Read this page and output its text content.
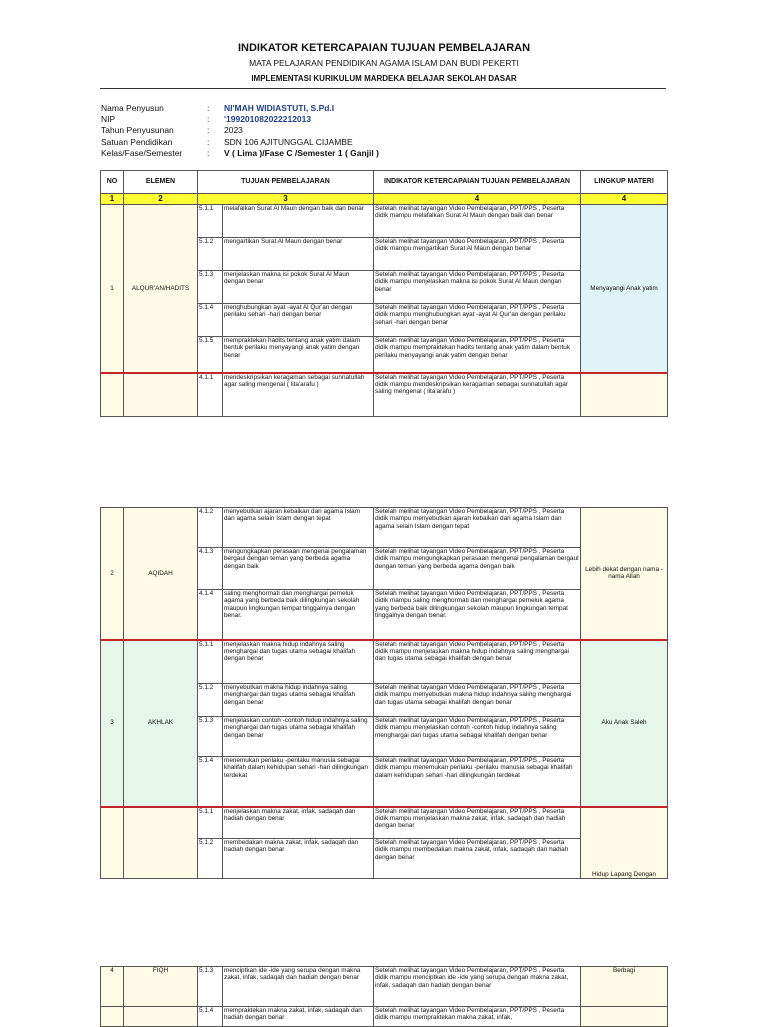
INDIKATOR KETERCAPAIAN TUJUAN PEMBELAJARAN
MATA PELAJARAN PENDIDIKAN AGAMA ISLAM DAN BUDI PEKERTI
IMPLEMENTASI KURIKULUM MARDEKA BELAJAR SEKOLAH DASAR
Nama Penyusun	:	NI'MAH WIDIASTUTI, S.Pd.I
NIP	:	'199201082022212013
Tahun Penyusunan	:	2023
Satuan Pendidikan	:	SDN 106 AJITUNGGAL CIJAMBE
Kelas/Fase/Semester	:	V ( Lima )/Fase C /Semester 1 ( Ganjil )
NO	ELEMEN	TUJUAN PEMBELAJARAN	INDIKATOR KETERCAPAIAN TUJUAN PEMBELAJARAN	LINGKUP MATERI
1	2	3	4	4
1	ALQUR'AN/HADITS	5.1.1	melafalkan Surat Al Maun dengan baik dan benar	Setelah melihat tayangan Video Pembelajaran, PPT/PPS , Peserta didik mampu melafalkan Surat Al Maun dengan baik dan benar	Menyayangi Anak yatim
		5.1.2	mengartikan Surat Al Maun dengan benar	Setelah melihat tayangan Video Pembelajaran, PPT/PPS , Peserta didik mampu mengartikan Surat Al Maun dengan benar	
		5.1.3	menjelaskan makna isi pokok Surat Al Maun dengan benar	Setelah melihat tayangan Video Pembelajaran, PPT/PPS , Peserta didik mampu menjelaskan makna isi pokok Surat Al Maun dengan benar	
		5.1.4	menghubungkan ayat -ayat Al Qur'an dengan perilaku sehari -hari dengan benar	Setelah melihat tayangan Video Pembelajaran, PPT/PPS , Peserta didik mampu menghubungkan ayat -ayat Al Qur'an dengan perilaku sehari -hari dengan benar	
		5.1.5	mempraktekan hadits tentang anak yatim dalam bentuk perilaku menyayangi anak yatim dengan benar	Setelah melihat tayangan Video Pembelajaran, PPT/PPS , Peserta didik mampu mempraktekan hadits tentang anak yatim dalam bentuk perilaku menyayangi anak yatim dengan benar	
		4.1.1	mendeskripsikan keragaman sebagai sunnatullah agar saling mengenal ( lita'arafu )	Setelah melihat tayangan Video Pembelajaran, PPT/PPS , Peserta didik mampu mendeskripsikan keragaman sebagai sunnatullah agar saling mengenal ( lita'arafu )	
2	AQIDAH	4.1.2	menyebutkan ajaran kebaikan dari agama Islam dan agama selain Islam dengan tepat	Setelah melihat tayangan Video Pembelajaran, PPT/PPS , Peserta didik mampu menyebutkan ajaran kebaikan dari agama Islam dan agama selain Islam dengan tepat	Lebih dekat dengan nama -nama Allah
		4.1.3	mengungkapkan perasaan mengenai pengalaman bergaul dengan teman yang berbeda agama dengan baik	Setelah melihat tayangan Video Pembelajaran, PPT/PPS , Peserta didik mampu mengungkapkan perasaan mengenai pengalaman bergaul dengan teman yang berbeda agama dengan baik	
		4.1.4	saling menghormati dan menghargai pemeluk agama yang berbeda baik dilingkungan sekolah maupun lingkungan tempat tinggalnya dengan benar.	Setelah melihat tayangan Video Pembelajaran, PPT/PPS , Peserta didik mampu saling menghormati dan menghargai pemeluk agama yang berbeda baik dilingkungan sekolah maupun lingkungan tempat tinggalnya dengan benar.	
3	AKHLAK	5.1.1	menjelaskan makna hidup indahnya saling menghargai dan tugas utama sebagai khalifah dengan benar	Setelah melihat tayangan Video Pembelajaran, PPT/PPS , Peserta didik mampu menjelaskan makna hidup indahnya saling menghargai dan tugas utama sebagai khalifah dengan benar	Aku Anak Saleh
		5.1.2	menyebutkan makna hidup indahnya saling menghargai dan tugas utama sebagai khalifah dengan benar	Setelah melihat tayangan Video Pembelajaran, PPT/PPS , Peserta didik mampu menyebutkan makna hidup indahnya saling menghargai dan tugas utama sebagai khalifah dengan benar	
		5.1.3	menjelaskan contoh -contoh hidup indahnya saling menghargai dan tugas utama sebagai khalifah dengan benar	Setelah melihat tayangan Video Pembelajaran, PPT/PPS , Peserta didik mampu menjelaskan contoh -contoh hidup indahnya saling menghargai dan tugas utama sebagai khalifah dengan benar	
		5.1.4	menemukan perilaku -perilaku manusia sebagai khalifah dalam kehidupan sehari -hari dilingkungan terdekat	Setelah melihat tayangan Video Pembelajaran, PPT/PPS , Peserta didik mampu menemukan perilaku -perilaku manusia sebagai khalifah dalam kehidupan sehari -hari dilingkungan terdekat	
		5.1.1	menjelaskan makna zakat, infak, sadaqah dan hadiah dengan benar	Setelah melihat tayangan Video Pembelajaran, PPT/PPS , Peserta didik mampu menjelaskan makna zakat, infak, sadaqah dan hadiah dengan benar	Hidup Lapang Dengan
		5.1.2	membedakan makna zakat, infak, sadaqah dan hadiah dengan benar	Setelah melihat tayangan Video Pembelajaran, PPT/PPS , Peserta didik mampu membedakan makna zakat, infak, sadaqah dan hadiah dengan benar	
4	FIQH	5.1.3	menciptkan ide -ide yang serupa dengan makna zakat, infak, sadaqah dan hadiah dengan benar	Setelah melihat tayangan Video Pembelajaran, PPT/PPS , Peserta didik mampu menciptkan ide -ide yang serupa dengan makna zakat, infak, sadaqah dan hadiah dengan benar	Berbagi
		5.1.4	mempraktekan makna zakat, infak, sadaqah dan hadiah dengan benar	Setelah melihat tayangan Video Pembelajaran, PPT/PPS , Peserta didik mampu mempraktekan makna zakat, infak,	
